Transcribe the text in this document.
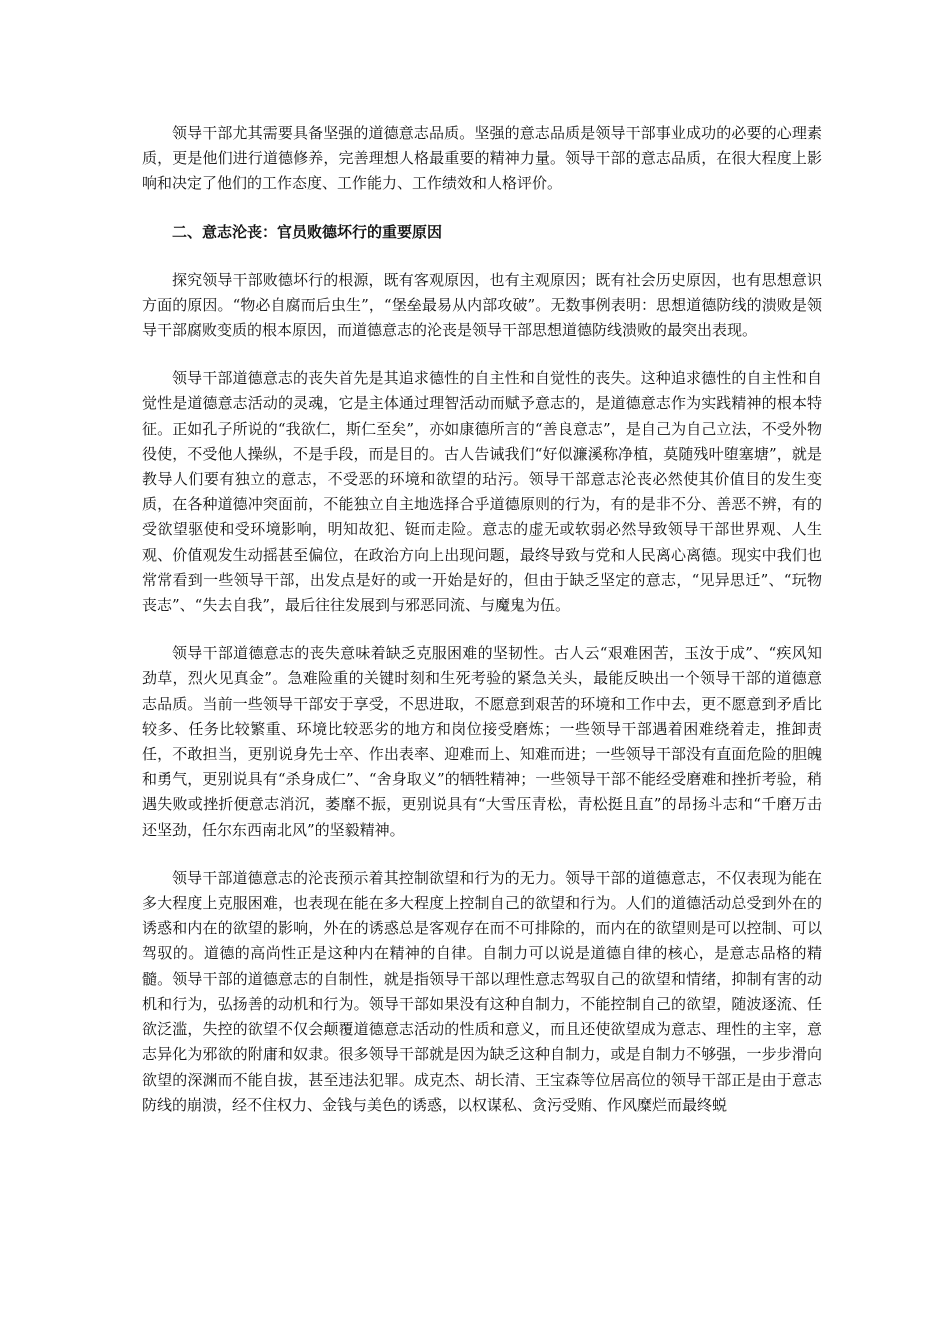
领导干部尤其需要具备坚强的道德意志品质。坚强的意志品质是领导干部事业成功的必要的心理素质，更是他们进行道德修养，完善理想人格最重要的精神力量。领导干部的意志品质，在很大程度上影响和决定了他们的工作态度、工作能力、工作绩效和人格评价。

二、意志沦丧：官员败德坏行的重要原因

探究领导干部败德坏行的根源，既有客观原因，也有主观原因；既有社会历史原因，也有思想意识方面的原因。“物必自腐而后虫生”，“堡垒最易从内部攻破”。无数事例表明：思想道德防线的溃败是领导干部腐败变质的根本原因，而道德意志的沦丧是领导干部思想道德防线溃败的最突出表现。

领导干部道德意志的丧失首先是其追求德性的自主性和自觉性的丧失。这种追求德性的自主性和自觉性是道德意志活动的灵魂，它是主体通过理智活动而赋予意志的，是道德意志作为实践精神的根本特征。正如孔子所说的“我欲仁，斯仁至矣”，亦如康德所言的“善良意志”，是自己为自己立法，不受外物役使，不受他人操纵，不是手段，而是目的。古人告诫我们“好似濂溪称净植，莫随残叶堕塞塘”，就是教导人们要有独立的意志，不受恶的环境和欲望的玷污。领导干部意志沦丧必然使其价值目的发生变质，在各种道德冲突面前，不能独立自主地选择合乎道德原则的行为，有的是非不分、善恶不辨，有的受欲望驱使和受环境影响，明知故犯、铤而走险。意志的虚无或软弱必然导致领导干部世界观、人生观、价值观发生动摇甚至偏位，在政治方向上出现问题，最终导致与党和人民离心离德。现实中我们也常常看到一些领导干部，出发点是好的或一开始是好的，但由于缺乏坚定的意志，“见异思迁”、“玩物丧志”、“失去自我”，最后往往发展到与邪恶同流、与魔鬼为伍。

领导干部道德意志的丧失意味着缺乏克服困难的坚韧性。古人云“艰难困苦，玉汝于成”、“疾风知劲草，烈火见真金”。急难险重的关键时刻和生死考验的紧急关头，最能反映出一个领导干部的道德意志品质。当前一些领导干部安于享受，不思进取，不愿意到艰苦的环境和工作中去，更不愿意到矛盾比较多、任务比较繁重、环境比较恶劣的地方和岗位接受磨炼；一些领导干部遇着困难绕着走，推卸责任，不敢担当，更别说身先士卒、作出表率、迎难而上、知难而进；一些领导干部没有直面危险的胆魄和勇气，更别说具有“杀身成仁”、“舍身取义”的牺牲精神；一些领导干部不能经受磨难和挫折考验，稍遇失败或挫折便意志消沉，萎靡不振，更别说具有“大雪压青松，青松挺且直”的昂扬斗志和“千磨万击还坚劲，任尔东西南北风”的坚毅精神。

领导干部道德意志的沦丧预示着其控制欲望和行为的无力。领导干部的道德意志，不仅表现为能在多大程度上克服困难，也表现在能在多大程度上控制自己的欲望和行为。人们的道德活动总受到外在的诱惑和内在的欲望的影响，外在的诱惑总是客观存在而不可排除的，而内在的欲望则是可以控制、可以驾驭的。道德的高尚性正是这种内在精神的自律。自制力可以说是道德自律的核心，是意志品格的精髓。领导干部的道德意志的自制性，就是指领导干部以理性意志驾驭自己的欲望和情绪，抑制有害的动机和行为，弘扬善的动机和行为。领导干部如果没有这种自制力，不能控制自己的欲望，随波逐流、任欲泛滥，失控的欲望不仅会颠覆道德意志活动的性质和意义，而且还使欲望成为意志、理性的主宰，意志异化为邪欲的附庸和奴隶。很多领导干部就是因为缺乏这种自制力，或是自制力不够强，一步步滑向欲望的深渊而不能自拔，甚至违法犯罪。成克杰、胡长清、王宝森等位居高位的领导干部正是由于意志防线的崩溃，经不住权力、金钱与美色的诱惑，以权谋私、贪污受贿、作风糜烂而最终蜕
